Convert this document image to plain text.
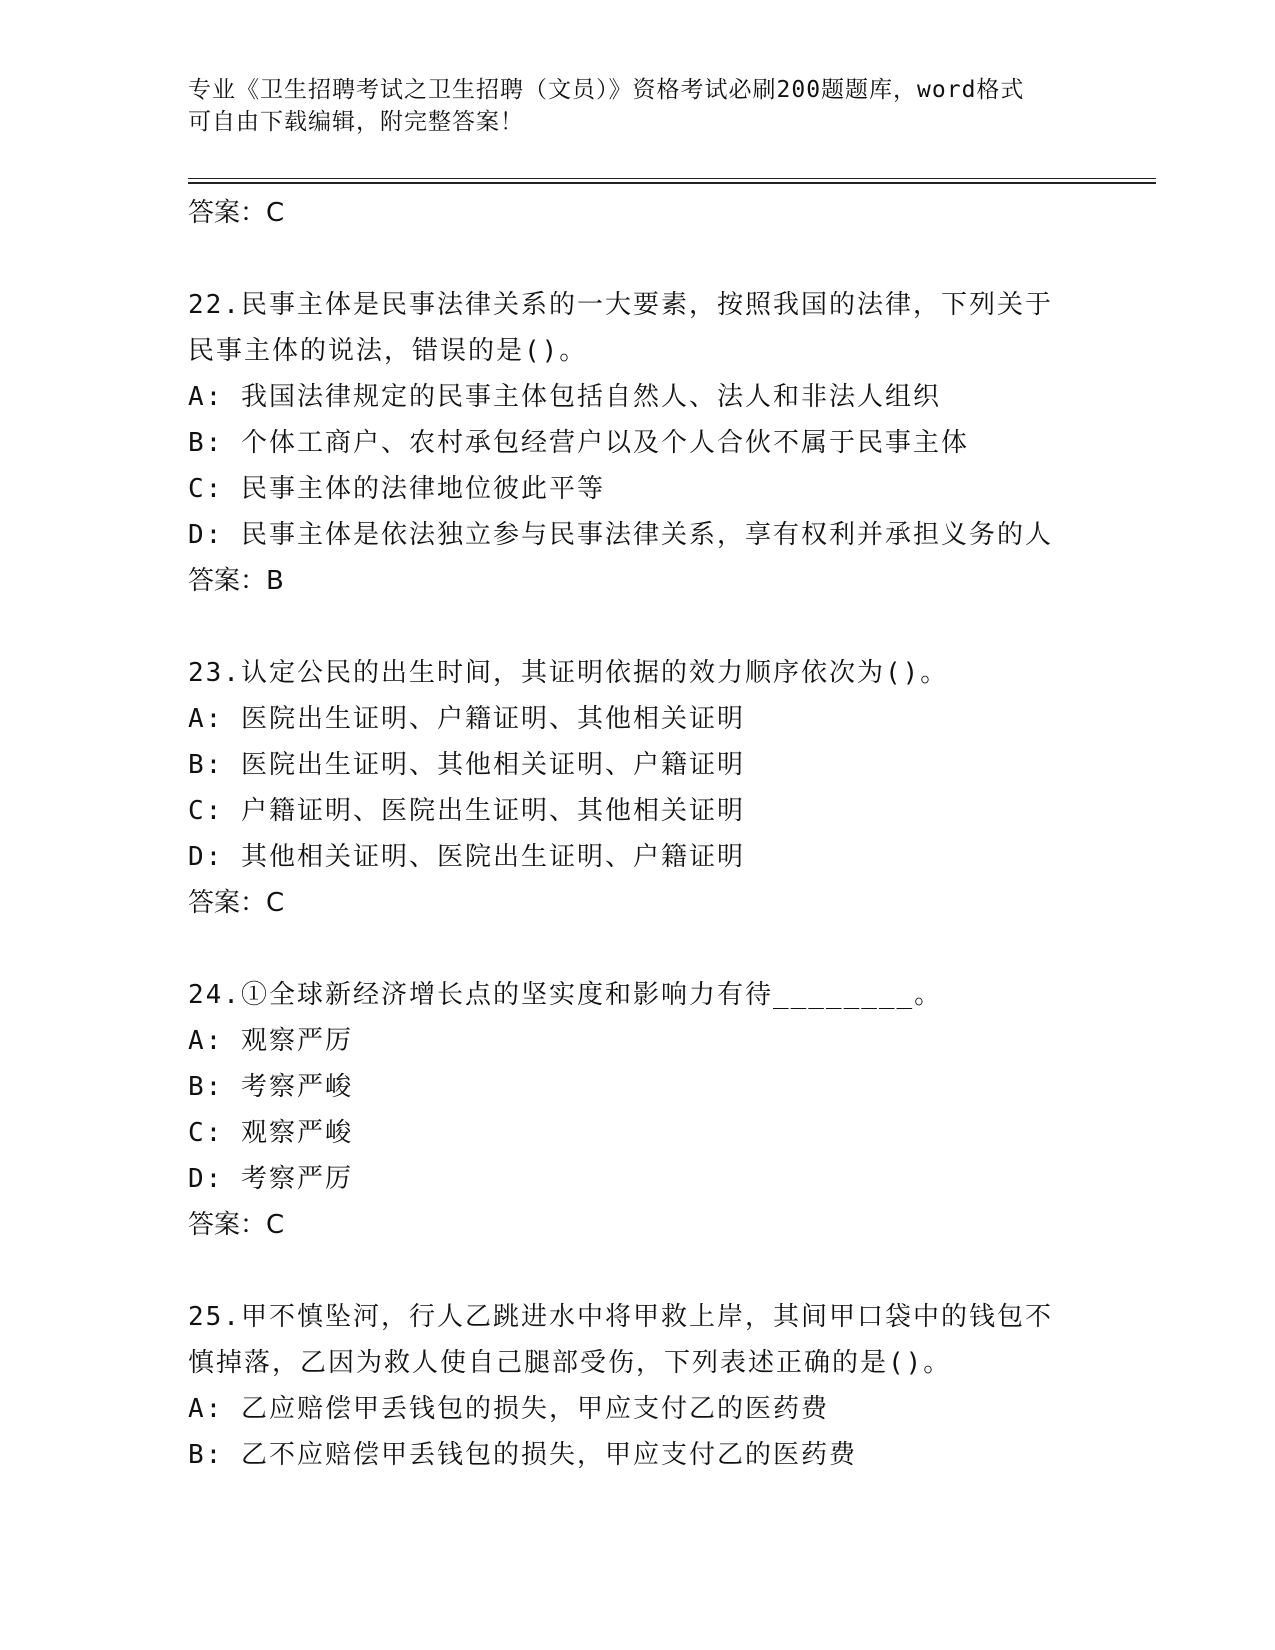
专业《卫生招聘考试之卫生招聘（文员）》资格考试必刷200题题库，word格式
可自由下载编辑，附完整答案！

答案：C
22.民事主体是民事法律关系的一大要素，按照我国的法律，下列关于
民事主体的说法，错误的是()。
A: 我国法律规定的民事主体包括自然人、法人和非法人组织
B: 个体工商户、农村承包经营户以及个人合伙不属于民事主体
C: 民事主体的法律地位彼此平等
D: 民事主体是依法独立参与民事法律关系，享有权利并承担义务的人
答案：B
23.认定公民的出生时间，其证明依据的效力顺序依次为()。
A: 医院出生证明、户籍证明、其他相关证明
B: 医院出生证明、其他相关证明、户籍证明
C: 户籍证明、医院出生证明、其他相关证明
D: 其他相关证明、医院出生证明、户籍证明
答案：C
24.①全球新经济增长点的坚实度和影响力有待________。
A: 观察严厉
B: 考察严峻
C: 观察严峻
D: 考察严厉
答案：C
25.甲不慎坠河，行人乙跳进水中将甲救上岸，其间甲口袋中的钱包不
慎掉落，乙因为救人使自己腿部受伤，下列表述正确的是()。
A: 乙应赔偿甲丢钱包的损失，甲应支付乙的医药费
B: 乙不应赔偿甲丢钱包的损失，甲应支付乙的医药费
